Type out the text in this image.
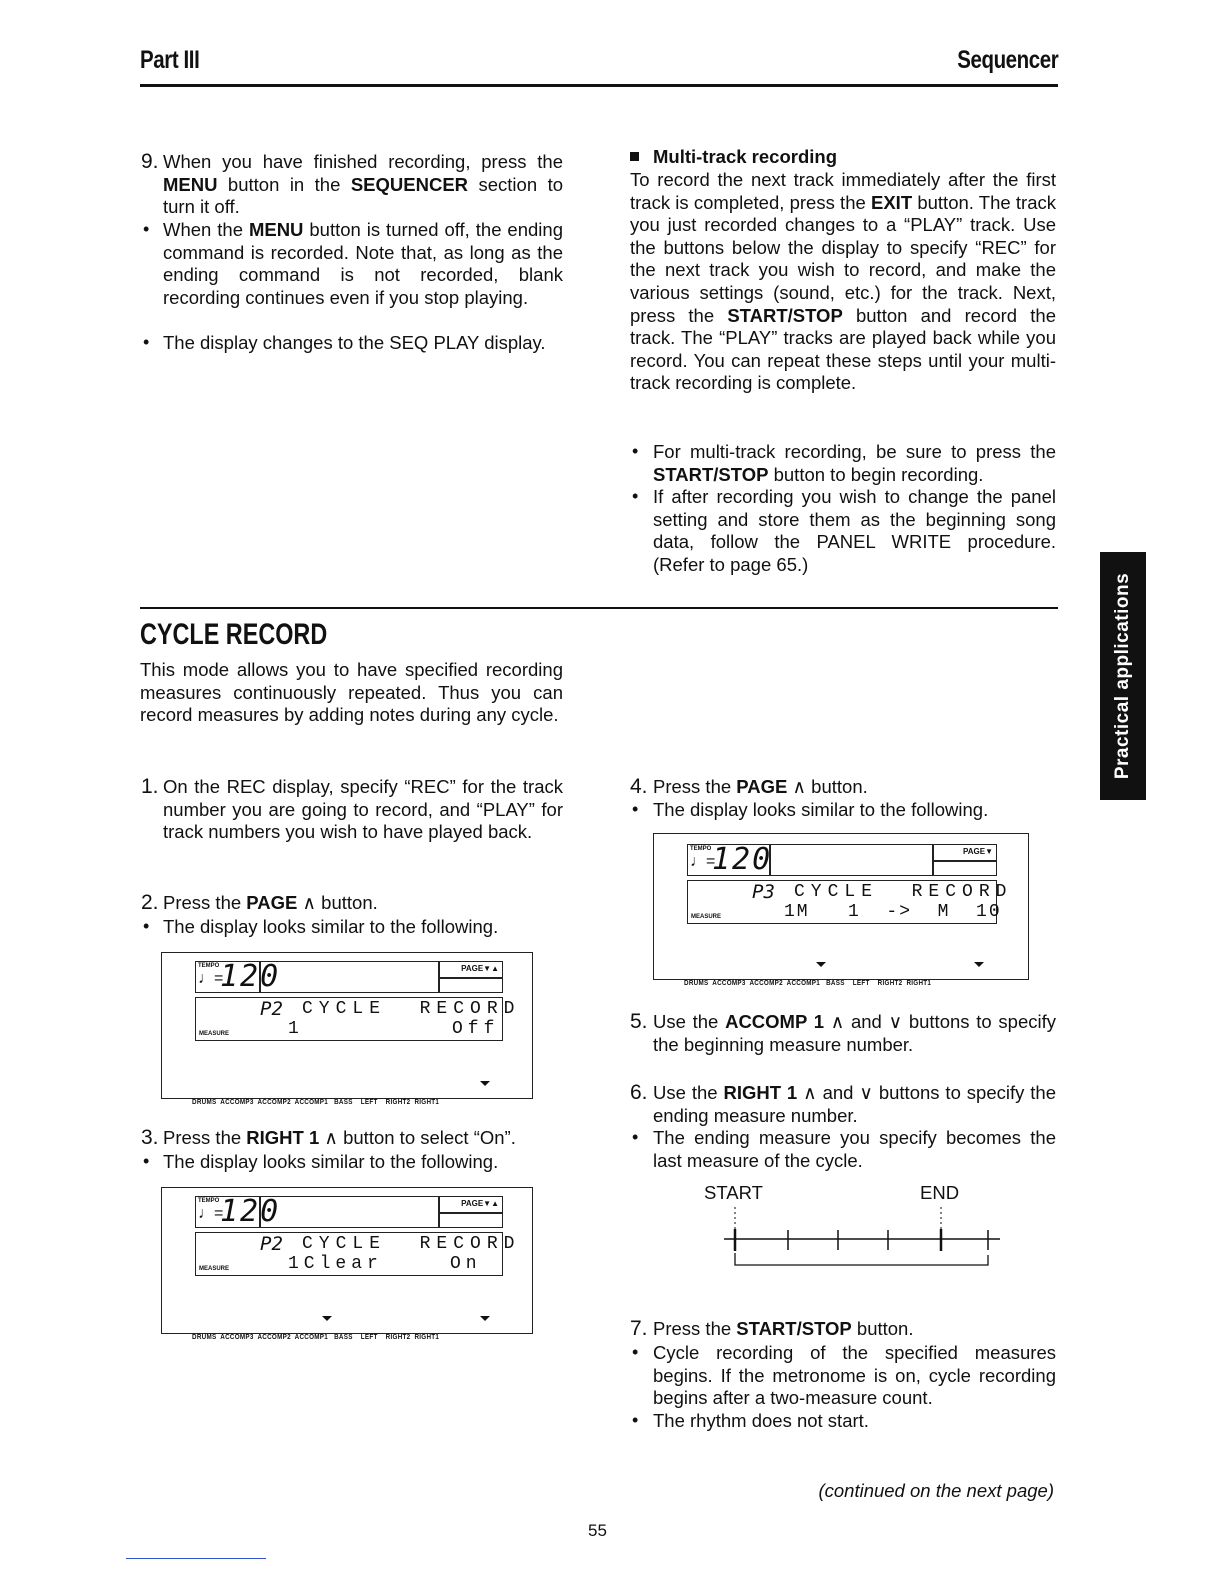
Part III	Sequencer
Practical applications
9. When you have finished recording, press the MENU button in the SEQUENCER section to turn it off.
• When the MENU button is turned off, the ending command is recorded. Note that, as long as the ending command is not recorded, blank recording continues even if you stop playing.
• The display changes to the SEQ PLAY display.
Multi-track recording
To record the next track immediately after the first track is completed, press the EXIT button. The track you just recorded changes to a “PLAY” track. Use the buttons below the display to specify “REC” for the next track you wish to record, and make the various settings (sound, etc.) for the track. Next, press the START/STOP button and record the track. The “PLAY” tracks are played back while you record. You can repeat these steps until your multi-track recording is complete.
• For multi-track recording, be sure to press the START/STOP button to begin recording.
• If after recording you wish to change the panel setting and store them as the beginning song data, follow the PANEL WRITE procedure. (Refer to page 65.)
CYCLE RECORD
This mode allows you to have specified recording measures continuously repeated. Thus you can record measures by adding notes during any cycle.
1. On the REC display, specify “REC” for the track number you are going to record, and “PLAY” for track numbers you wish to have played back.
2. Press the PAGE ∧ button.
• The display looks similar to the following.
TEMPO
♩=
120	PAGE▼▲
P2 CYCLE  RECORD
1	Off
MEASURE
DRUMS  ACCOMP3  ACCOMP2  ACCOMP1   BASS    LEFT    RIGHT2  RIGHT1
3. Press the RIGHT 1 ∧ button to select “On”.
• The display looks similar to the following.
TEMPO
♩=
120	PAGE▼▲
P2 CYCLE  RECORD
1Clear	On
MEASURE
DRUMS  ACCOMP3  ACCOMP2  ACCOMP1   BASS    LEFT    RIGHT2  RIGHT1
4. Press the PAGE ∧ button.
• The display looks similar to the following.
TEMPO
♩=
120	PAGE▼
P3 CYCLE  RECORD
1M   1  ->  M  10
MEASURE
DRUMS  ACCOMP3  ACCOMP2  ACCOMP1   BASS    LEFT    RIGHT2  RIGHT1
5. Use the ACCOMP 1 ∧ and ∨ buttons to specify the beginning measure number.
6. Use the RIGHT 1 ∧ and ∨ buttons to specify the ending measure number.
• The ending measure you specify becomes the last measure of the cycle.
START	END
7. Press the START/STOP button.
• Cycle recording of the specified measures begins. If the metronome is on, cycle recording begins after a two-measure count.
• The rhythm does not start.
(continued on the next page)
55
